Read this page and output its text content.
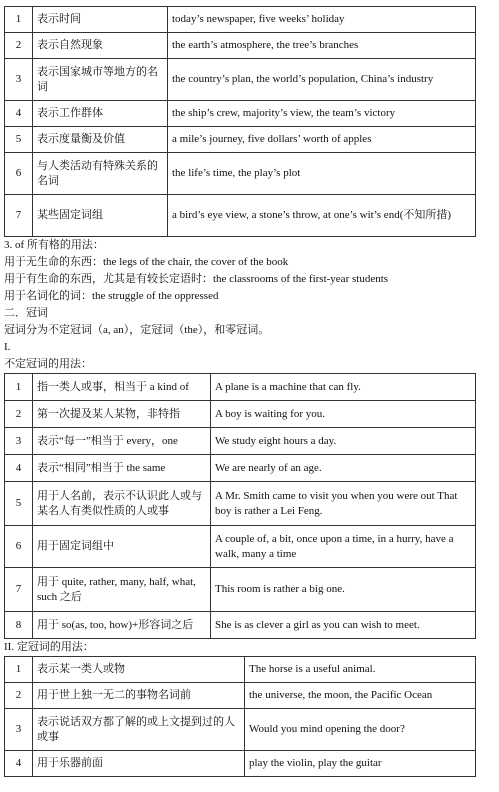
1	表示时间	today’s newspaper, five weeks’ holiday
2	表示自然现象	the earth’s atmosphere, the tree’s branches
3	表示国家城市等地方的名词	the country’s plan, the world’s population, China’s industry
4	表示工作群体	the ship’s crew, majority’s view, the team’s victory
5	表示度量衡及价值	a mile’s journey, five dollars’ worth of apples
6	与人类活动有特殊关系的名词	the life’s time, the play’s plot
7	某些固定词组	a bird’s eye view, a stone’s throw, at one’s wit’s end(不知所措)
3. of 所有格的用法：
用于无生命的东西：the legs of the chair, the cover of the book
用于有生命的东西，尤其是有较长定语时：the classrooms of the first-year students
用于名词化的词：the struggle of the oppressed
二．冠词
冠词分为不定冠词（a, an），定冠词（the），和零冠词。
I.
不定冠词的用法：
1	指一类人或事，相当于 a kind of	A plane is a machine that can fly.
2	第一次提及某人某物，非特指	A boy is waiting for you.
3	表示“每一”相当于 every，one	We study eight hours a day.
4	表示“相同”相当于 the same	We are nearly of an age.
5	用于人名前，表示不认识此人或与某名人有类似性质的人或事	A Mr. Smith came to visit you when you were out That boy is rather a Lei Feng.
6	用于固定词组中	A couple of, a bit, once upon a time, in a hurry, have a walk, many a time
7	用于 quite, rather, many, half, what, such 之后	This room is rather a big one.
8	用于 so(as, too, how)+形容词之后	She is as clever a girl as you can wish to meet.
II. 定冠词的用法：
1	表示某一类人或物	The horse is a useful animal.
2	用于世上独一无二的事物名词前	the universe, the moon, the Pacific Ocean
3	表示说话双方都了解的或上文提到过的人或事	Would you mind opening the door?
4	用于乐器前面	play the violin, play the guitar
